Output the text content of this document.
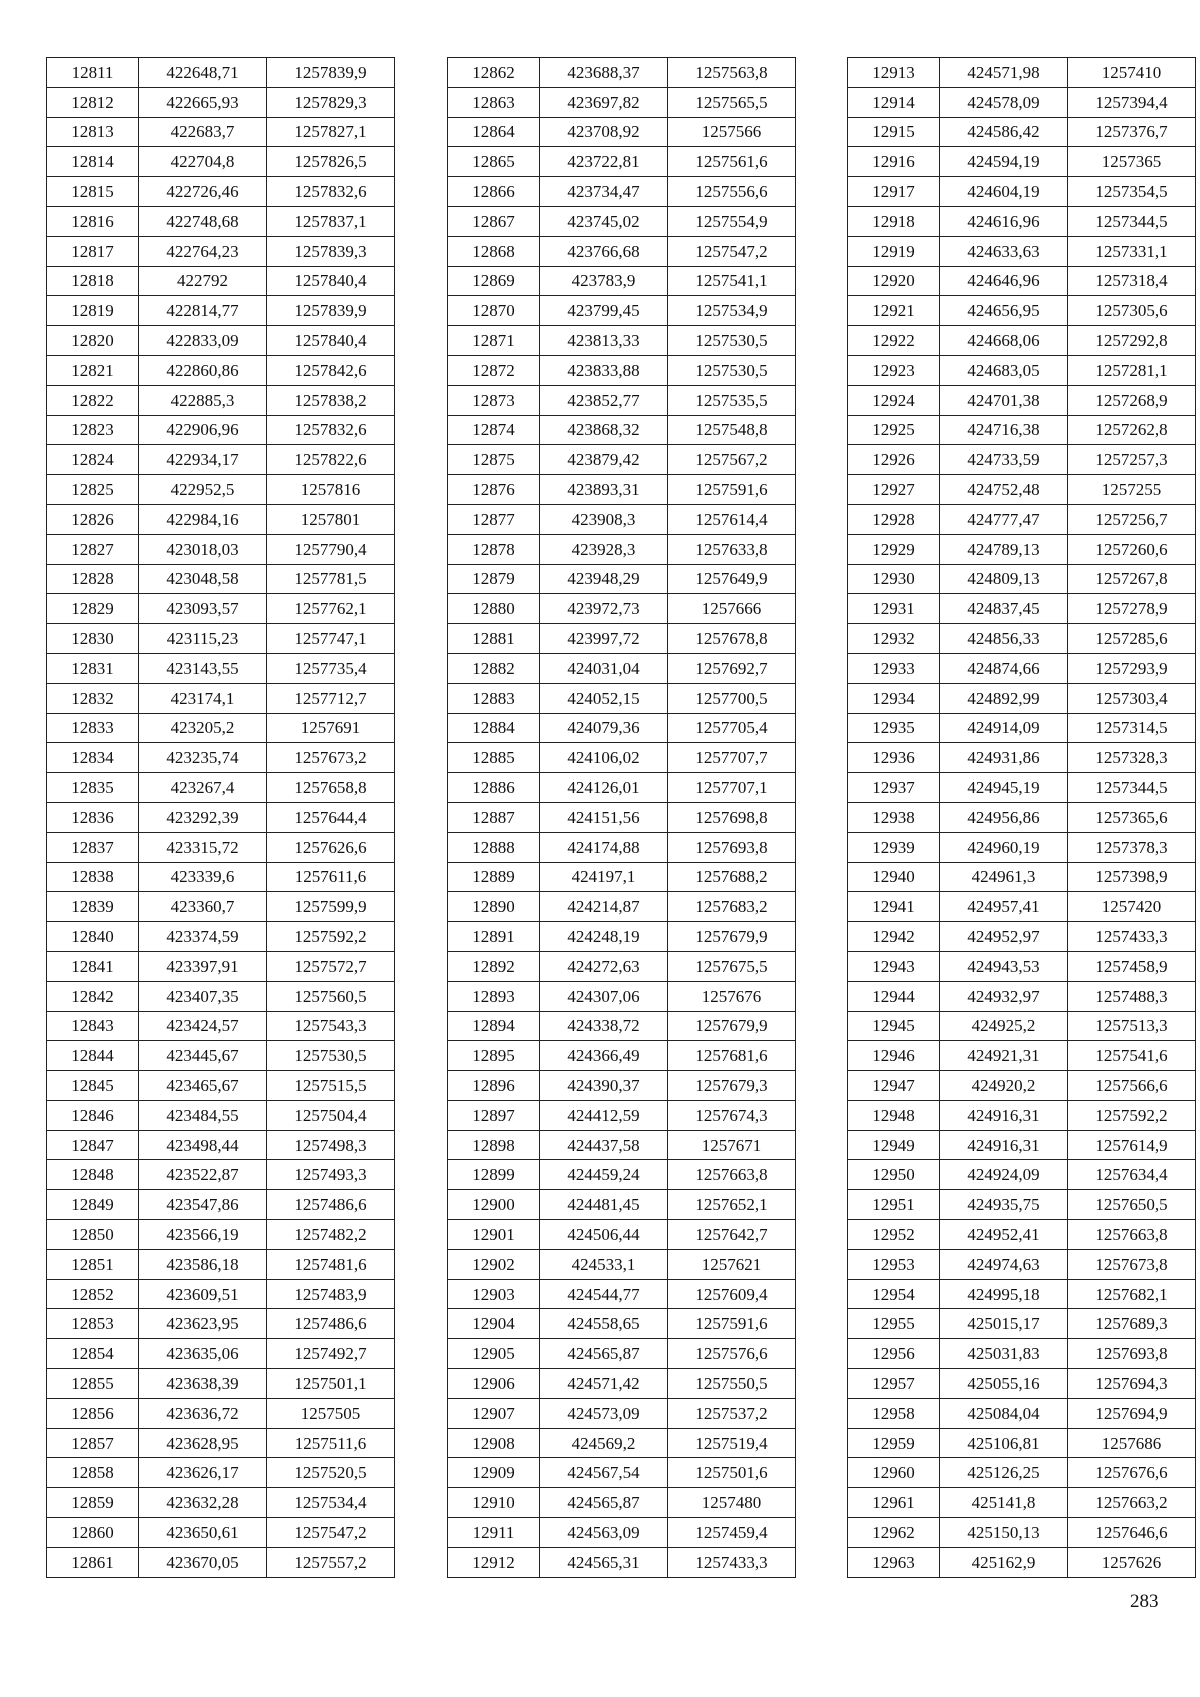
12811	422648,71	1257839,9
12812	422665,93	1257829,3
12813	422683,7	1257827,1
12814	422704,8	1257826,5
12815	422726,46	1257832,6
12816	422748,68	1257837,1
12817	422764,23	1257839,3
12818	422792	1257840,4
12819	422814,77	1257839,9
12820	422833,09	1257840,4
12821	422860,86	1257842,6
12822	422885,3	1257838,2
12823	422906,96	1257832,6
12824	422934,17	1257822,6
12825	422952,5	1257816
12826	422984,16	1257801
12827	423018,03	1257790,4
12828	423048,58	1257781,5
12829	423093,57	1257762,1
12830	423115,23	1257747,1
12831	423143,55	1257735,4
12832	423174,1	1257712,7
12833	423205,2	1257691
12834	423235,74	1257673,2
12835	423267,4	1257658,8
12836	423292,39	1257644,4
12837	423315,72	1257626,6
12838	423339,6	1257611,6
12839	423360,7	1257599,9
12840	423374,59	1257592,2
12841	423397,91	1257572,7
12842	423407,35	1257560,5
12843	423424,57	1257543,3
12844	423445,67	1257530,5
12845	423465,67	1257515,5
12846	423484,55	1257504,4
12847	423498,44	1257498,3
12848	423522,87	1257493,3
12849	423547,86	1257486,6
12850	423566,19	1257482,2
12851	423586,18	1257481,6
12852	423609,51	1257483,9
12853	423623,95	1257486,6
12854	423635,06	1257492,7
12855	423638,39	1257501,1
12856	423636,72	1257505
12857	423628,95	1257511,6
12858	423626,17	1257520,5
12859	423632,28	1257534,4
12860	423650,61	1257547,2
12861	423670,05	1257557,2
12862	423688,37	1257563,8
12863	423697,82	1257565,5
12864	423708,92	1257566
12865	423722,81	1257561,6
12866	423734,47	1257556,6
12867	423745,02	1257554,9
12868	423766,68	1257547,2
12869	423783,9	1257541,1
12870	423799,45	1257534,9
12871	423813,33	1257530,5
12872	423833,88	1257530,5
12873	423852,77	1257535,5
12874	423868,32	1257548,8
12875	423879,42	1257567,2
12876	423893,31	1257591,6
12877	423908,3	1257614,4
12878	423928,3	1257633,8
12879	423948,29	1257649,9
12880	423972,73	1257666
12881	423997,72	1257678,8
12882	424031,04	1257692,7
12883	424052,15	1257700,5
12884	424079,36	1257705,4
12885	424106,02	1257707,7
12886	424126,01	1257707,1
12887	424151,56	1257698,8
12888	424174,88	1257693,8
12889	424197,1	1257688,2
12890	424214,87	1257683,2
12891	424248,19	1257679,9
12892	424272,63	1257675,5
12893	424307,06	1257676
12894	424338,72	1257679,9
12895	424366,49	1257681,6
12896	424390,37	1257679,3
12897	424412,59	1257674,3
12898	424437,58	1257671
12899	424459,24	1257663,8
12900	424481,45	1257652,1
12901	424506,44	1257642,7
12902	424533,1	1257621
12903	424544,77	1257609,4
12904	424558,65	1257591,6
12905	424565,87	1257576,6
12906	424571,42	1257550,5
12907	424573,09	1257537,2
12908	424569,2	1257519,4
12909	424567,54	1257501,6
12910	424565,87	1257480
12911	424563,09	1257459,4
12912	424565,31	1257433,3
12913	424571,98	1257410
12914	424578,09	1257394,4
12915	424586,42	1257376,7
12916	424594,19	1257365
12917	424604,19	1257354,5
12918	424616,96	1257344,5
12919	424633,63	1257331,1
12920	424646,96	1257318,4
12921	424656,95	1257305,6
12922	424668,06	1257292,8
12923	424683,05	1257281,1
12924	424701,38	1257268,9
12925	424716,38	1257262,8
12926	424733,59	1257257,3
12927	424752,48	1257255
12928	424777,47	1257256,7
12929	424789,13	1257260,6
12930	424809,13	1257267,8
12931	424837,45	1257278,9
12932	424856,33	1257285,6
12933	424874,66	1257293,9
12934	424892,99	1257303,4
12935	424914,09	1257314,5
12936	424931,86	1257328,3
12937	424945,19	1257344,5
12938	424956,86	1257365,6
12939	424960,19	1257378,3
12940	424961,3	1257398,9
12941	424957,41	1257420
12942	424952,97	1257433,3
12943	424943,53	1257458,9
12944	424932,97	1257488,3
12945	424925,2	1257513,3
12946	424921,31	1257541,6
12947	424920,2	1257566,6
12948	424916,31	1257592,2
12949	424916,31	1257614,9
12950	424924,09	1257634,4
12951	424935,75	1257650,5
12952	424952,41	1257663,8
12953	424974,63	1257673,8
12954	424995,18	1257682,1
12955	425015,17	1257689,3
12956	425031,83	1257693,8
12957	425055,16	1257694,3
12958	425084,04	1257694,9
12959	425106,81	1257686
12960	425126,25	1257676,6
12961	425141,8	1257663,2
12962	425150,13	1257646,6
12963	425162,9	1257626
283
